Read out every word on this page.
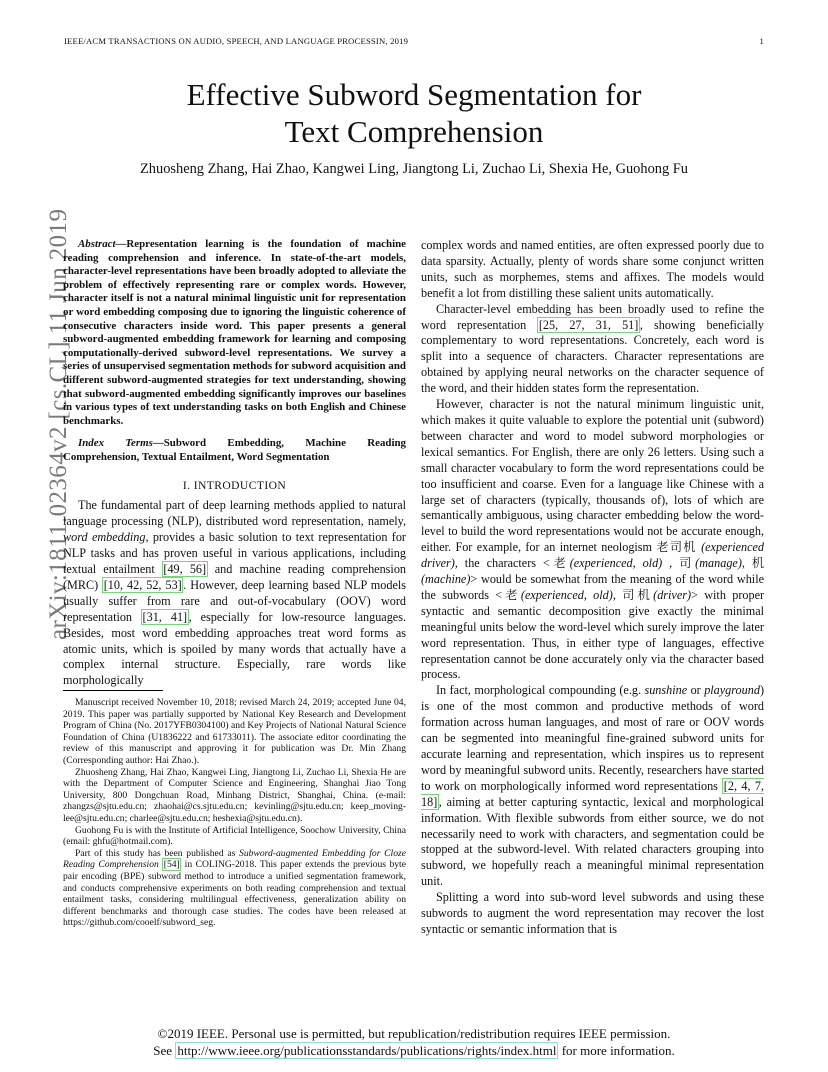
IEEE/ACM TRANSACTIONS ON AUDIO, SPEECH, AND LANGUAGE PROCESSIN, 2019	1
arXiv:1811.02364v2 [cs.CL] 11 Jun 2019
Effective Subword Segmentation for
Text Comprehension
Zhuosheng Zhang, Hai Zhao, Kangwei Ling, Jiangtong Li, Zuchao Li, Shexia He, Guohong Fu

Abstract—Representation learning is the foundation of machine reading comprehension and inference. In state-of-the-art models, character-level representations have been broadly adopted to alleviate the problem of effectively representing rare or complex words. However, character itself is not a natural minimal linguistic unit for representation or word embedding composing due to ignoring the linguistic coherence of consecutive characters inside word. This paper presents a general subword-augmented embedding framework for learning and composing computationally-derived subword-level representations. We survey a series of unsupervised segmentation methods for subword acquisition and different subword-augmented strategies for text understanding, showing that subword-augmented embedding significantly improves our baselines in various types of text understanding tasks on both English and Chinese benchmarks.

Index Terms—Subword Embedding, Machine Reading Comprehension, Textual Entailment, Word Segmentation

I. INTRODUCTION

The fundamental part of deep learning methods applied to natural language processing (NLP), distributed word representation, namely, word embedding, provides a basic solution to text representation for NLP tasks and has proven useful in various applications, including textual entailment [49, 56] and machine reading comprehension (MRC) [10, 42, 52, 53] . However, deep learning based NLP models usually suffer from rare and out-of-vocabulary (OOV) word representation [31, 41] , especially for low-resource languages. Besides, most word embedding approaches treat word forms as atomic units, which is spoiled by many words that actually have a complex internal structure. Especially, rare words like morphologically

Manuscript received November 10, 2018; revised March 24, 2019; accepted June 04, 2019. This paper was partially supported by National Key Research and Development Program of China (No. 2017YFB0304100) and Key Projects of National Natural Science Foundation of China (U1836222 and 61733011). The associate editor coordinating the review of this manuscript and approving it for publication was Dr. Min Zhang (Corresponding author: Hai Zhao.).

Zhuosheng Zhang, Hai Zhao, Kangwei Ling, Jiangtong Li, Zuchao Li, Shexia He are with the Department of Computer Science and Engineering, Shanghai Jiao Tong University, 800 Dongchuan Road, Minhang District, Shanghai, China. (e-mail: zhangzs@sjtu.edu.cn; zhaohai@cs.sjtu.edu.cn; kevinling@sjtu.edu.cn; keep_moving-lee@sjtu.edu.cn; charlee@sjtu.edu.cn; heshexia@sjtu.edu.cn).

Guohong Fu is with the Institute of Artificial Intelligence, Soochow University, China (email: ghfu@hotmail.com).

Part of this study has been published as Subword-augmented Embedding for Cloze Reading Comprehension [54] in COLING-2018. This paper extends the previous byte pair encoding (BPE) subword method to introduce a unified segmentation framework, and conducts comprehensive experiments on both reading comprehension and textual entailment tasks, considering multilingual effectiveness, generalization ability on different benchmarks and thorough case studies. The codes have been released at https://github.com/cooelf/subword_seg.

complex words and named entities, are often expressed poorly due to data sparsity. Actually, plenty of words share some conjunct written units, such as morphemes, stems and affixes. The models would benefit a lot from distilling these salient units automatically.

Character-level embedding has been broadly used to refine the word representation [25, 27, 31, 51] , showing beneficially complementary to word representations. Concretely, each word is split into a sequence of characters. Character representations are obtained by applying neural networks on the character sequence of the word, and their hidden states form the representation.

However, character is not the natural minimum linguistic unit, which makes it quite valuable to explore the potential unit (subword) between character and word to model subword morphologies or lexical semantics. For English, there are only 26 letters. Using such a small character vocabulary to form the word representations could be too insufficient and coarse. Even for a language like Chinese with a large set of characters (typically, thousands of), lots of which are semantically ambiguous, using character embedding below the word-level to build the word representations would not be accurate enough, either. For example, for an internet neologism 老司机 (experienced driver), the characters <老(experienced, old) , 司(manage), 机(machine)> would be somewhat from the meaning of the word while the subwords <老(experienced, old), 司机(driver)> with proper syntactic and semantic decomposition give exactly the minimal meaningful units below the word-level which surely improve the later word representation. Thus, in either type of languages, effective representation cannot be done accurately only via the character based process.

In fact, morphological compounding (e.g. sunshine or playground) is one of the most common and productive methods of word formation across human languages, and most of rare or OOV words can be segmented into meaningful fine-grained subword units for accurate learning and representation, which inspires us to represent word by meaningful subword units. Recently, researchers have started to work on morphologically informed word representations [2, 4, 7, 18] , aiming at better capturing syntactic, lexical and morphological information. With flexible subwords from either source, we do not necessarily need to work with characters, and segmentation could be stopped at the subword-level. With related characters grouping into subword, we hopefully reach a meaningful minimal representation unit.

Splitting a word into sub-word level subwords and using these subwords to augment the word representation may recover the lost syntactic or semantic information that is

©2019 IEEE. Personal use is permitted, but republication/redistribution requires IEEE permission.
See http://www.ieee.org/publicationsstandards/publications/rights/index.html for more information.
